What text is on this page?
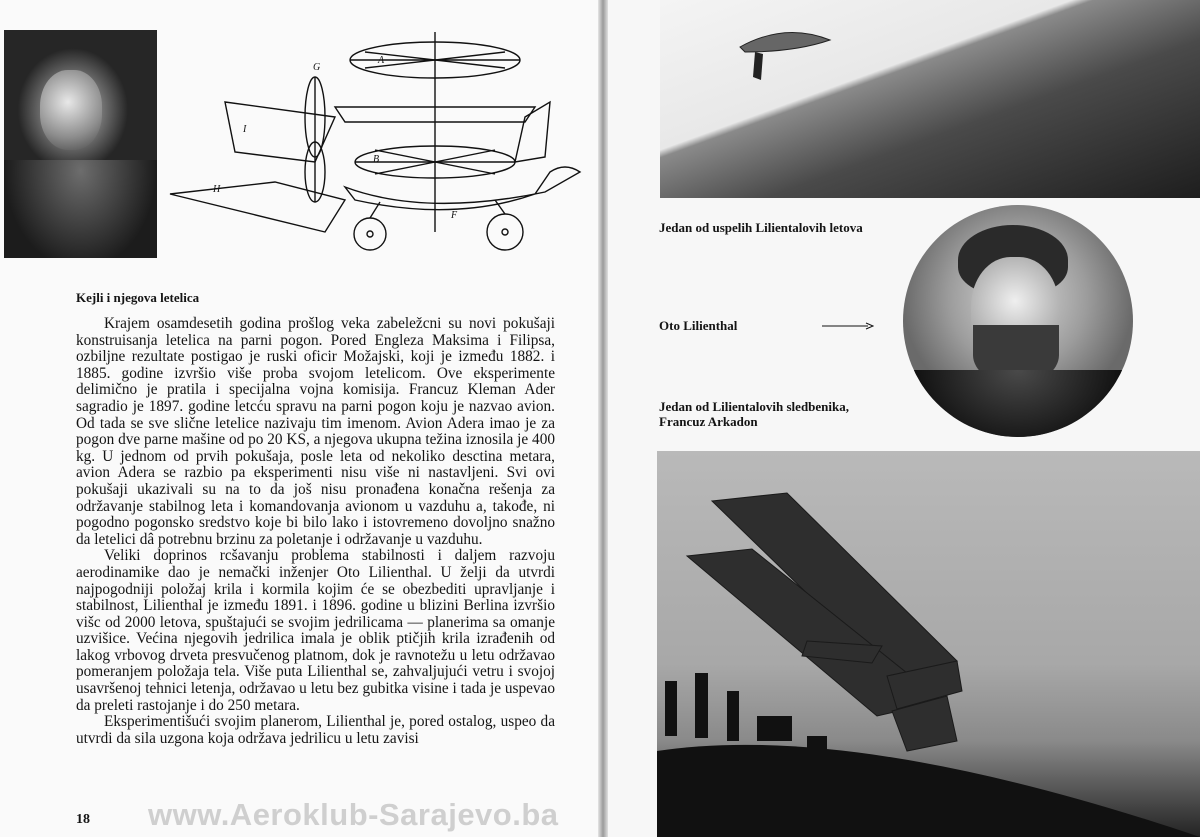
A
B
G
I
H
F
Kejli i njegova letelica

Krajem osamdesetih godina prošlog veka zabeležcni su novi pokušaji konstruisanja letelica na parni pogon. Pored Engleza Maksima i Filipsa, ozbiljne rezultate postigao je ruski oficir Možajski, koji je između 1882. i 1885. godine izvršio više proba svojom letelicom. Ove eksperimente delimično je pratila i specijalna vojna komisija. Francuz Kleman Ader sagradio je 1897. godine letcću spravu na parni pogon koju je nazvao avion. Od tada se sve slične letelice nazivaju tim imenom. Avion Adera imao je za pogon dve parne mašine od po 20 KS, a njegova ukupna težina iznosila je 400 kg. U jednom od prvih pokušaja, posle leta od nekoliko desctina metara, avion Adera se razbio pa eksperimenti nisu više ni nastavljeni. Svi ovi pokušaji ukazivali su na to da još nisu pronađena konačna rešenja za održavanje stabilnog leta i komandovanja avionom u vazduhu a, takođe, ni pogodno pogonsko sredstvo koje bi bilo lako i istovremeno dovoljno snažno da letelici dâ potrebnu brzinu za poletanje i održavanje u vazduhu.

Veliki doprinos rcšavanju problema stabilnosti i daljem razvoju aerodinamike dao je nemački inženjer Oto Lilienthal. U želji da utvrdi najpogodniji položaj krila i kormila kojim će se obezbediti upravljanje i stabilnost, Lilienthal je između 1891. i 1896. godine u blizini Berlina izvršio višc od 2000 letova, spuštajući se svojim jedrilicama — planerima sa omanje uzvišice. Većina njegovih jedrilica imala je oblik ptičjih krila izrađenih od lakog vrbovog drveta presvučenog platnom, dok je ravnotežu u letu održavao pomeranjem položaja tela. Više puta Lilienthal se, zahvaljujući vetru i svojoj usavršenoj tehnici letenja, održavao u letu bez gubitka visine i tada je uspevao da preleti rastojanje i do 250 metara.

Eksperimentišući svojim planerom, Lilienthal je, pored ostalog, uspeo da utvrdi da sila uzgona koja održava jedrilicu u letu zavisi

18
Jedan od uspelih Lilientalovih letova
Oto Lilienthal
Jedan od Lilientalovih sledbenika, Francuz Arkadon
www.Aeroklub-Sarajevo.ba
